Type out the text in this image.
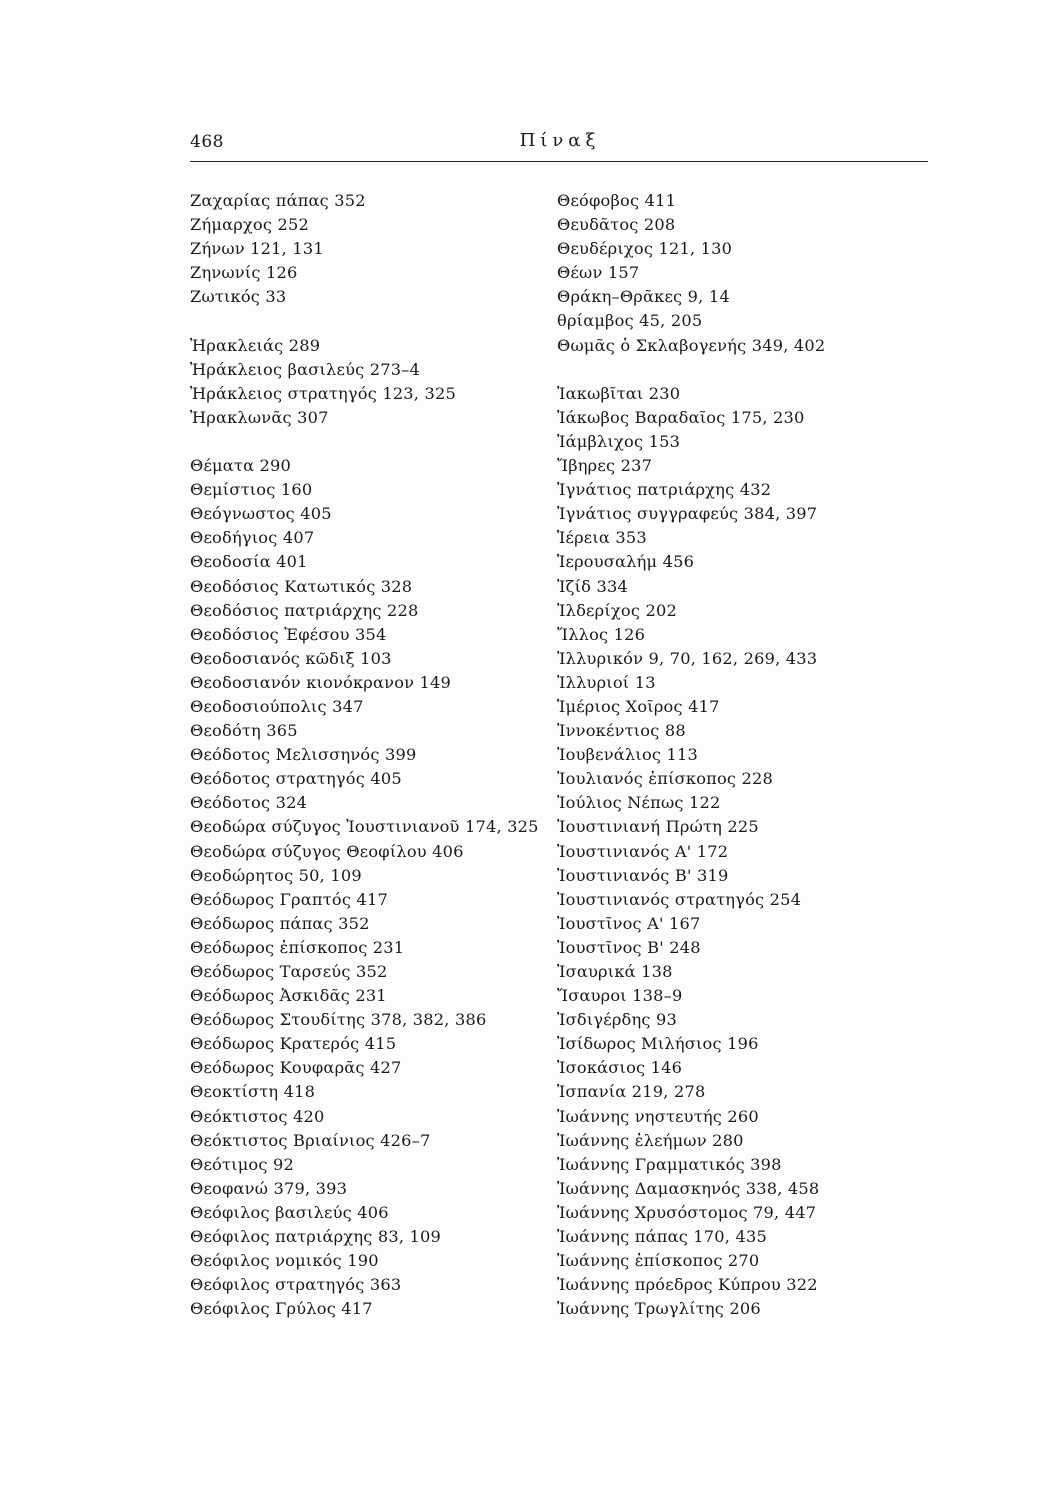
468	Πίναξ
Ζαχαρίας πάπας 352
Ζήμαρχος 252
Ζήνων 121, 131
Ζηνωνίς 126
Ζωτικός 33
Ἡρακλειάς 289
Ἡράκλειος βασιλεύς 273–4
Ἡράκλειος στρατηγός 123, 325
Ἡρακλωνᾶς 307
Θέματα 290
Θεμίστιος 160
Θεόγνωστος 405
Θεοδήγιος 407
Θεοδοσία 401
Θεοδόσιος Κατωτικός 328
Θεοδόσιος πατριάρχης 228
Θεοδόσιος Ἐφέσου 354
Θεοδοσιανός κῶδιξ 103
Θεοδοσιανόν κιονόκρανον 149
Θεοδοσιούπολις 347
Θεοδότη 365
Θεόδοτος Μελισσηνός 399
Θεόδοτος στρατηγός 405
Θεόδοτος 324
Θεοδώρα σύζυγος Ἰουστινιανοῦ 174, 325
Θεοδώρα σύζυγος Θεοφίλου 406
Θεοδώρητος 50, 109
Θεόδωρος Γραπτός 417
Θεόδωρος πάπας 352
Θεόδωρος ἐπίσκοπος 231
Θεόδωρος Ταρσεύς 352
Θεόδωρος Ἀσκιδᾶς 231
Θεόδωρος Στουδίτης 378, 382, 386
Θεόδωρος Κρατερός 415
Θεόδωρος Κουφαρᾶς 427
Θεοκτίστη 418
Θεόκτιστος 420
Θεόκτιστος Βριαίνιος 426–7
Θεότιμος 92
Θεοφανώ 379, 393
Θεόφιλος βασιλεύς 406
Θεόφιλος πατριάρχης 83, 109
Θεόφιλος νομικός 190
Θεόφιλος στρατηγός 363
Θεόφιλος Γρύλος 417
Θεόφοβος 411
Θευδᾶτος 208
Θευδέριχος 121, 130
Θέων 157
Θράκη–Θρᾶκες 9, 14
θρίαμβος 45, 205
Θωμᾶς ὁ Σκλαβογενής 349, 402
Ἰακωβῖται 230
Ἰάκωβος Βαραδαῖος 175, 230
Ἰάμβλιχος 153
Ἴβηρες 237
Ἰγνάτιος πατριάρχης 432
Ἰγνάτιος συγγραφεύς 384, 397
Ἱέρεια 353
Ἱερουσαλήμ 456
Ἰζίδ 334
Ἰλδερίχος 202
Ἴλλος 126
Ἰλλυρικόν 9, 70, 162, 269, 433
Ἰλλυριοί 13
Ἱμέριος Χοῖρος 417
Ἰννοκέντιος 88
Ἰουβενάλιος 113
Ἰουλιανός ἐπίσκοπος 228
Ἰούλιος Νέπως 122
Ἰουστινιανή Πρώτη 225
Ἰουστινιανός Α' 172
Ἰουστινιανός Β' 319
Ἰουστινιανός στρατηγός 254
Ἰουστῖνος Α' 167
Ἰουστῖνος Β' 248
Ἰσαυρικά 138
Ἴσαυροι 138–9
Ἰσδιγέρδης 93
Ἰσίδωρος Μιλήσιος 196
Ἰσοκάσιος 146
Ἱσπανία 219, 278
Ἰωάννης νηστευτής 260
Ἰωάννης ἐλεήμων 280
Ἰωάννης Γραμματικός 398
Ἰωάννης Δαμασκηνός 338, 458
Ἰωάννης Χρυσόστομος 79, 447
Ἰωάννης πάπας 170, 435
Ἰωάννης ἐπίσκοπος 270
Ἰωάννης πρόεδρος Κύπρου 322
Ἰωάννης Τρωγλίτης 206
